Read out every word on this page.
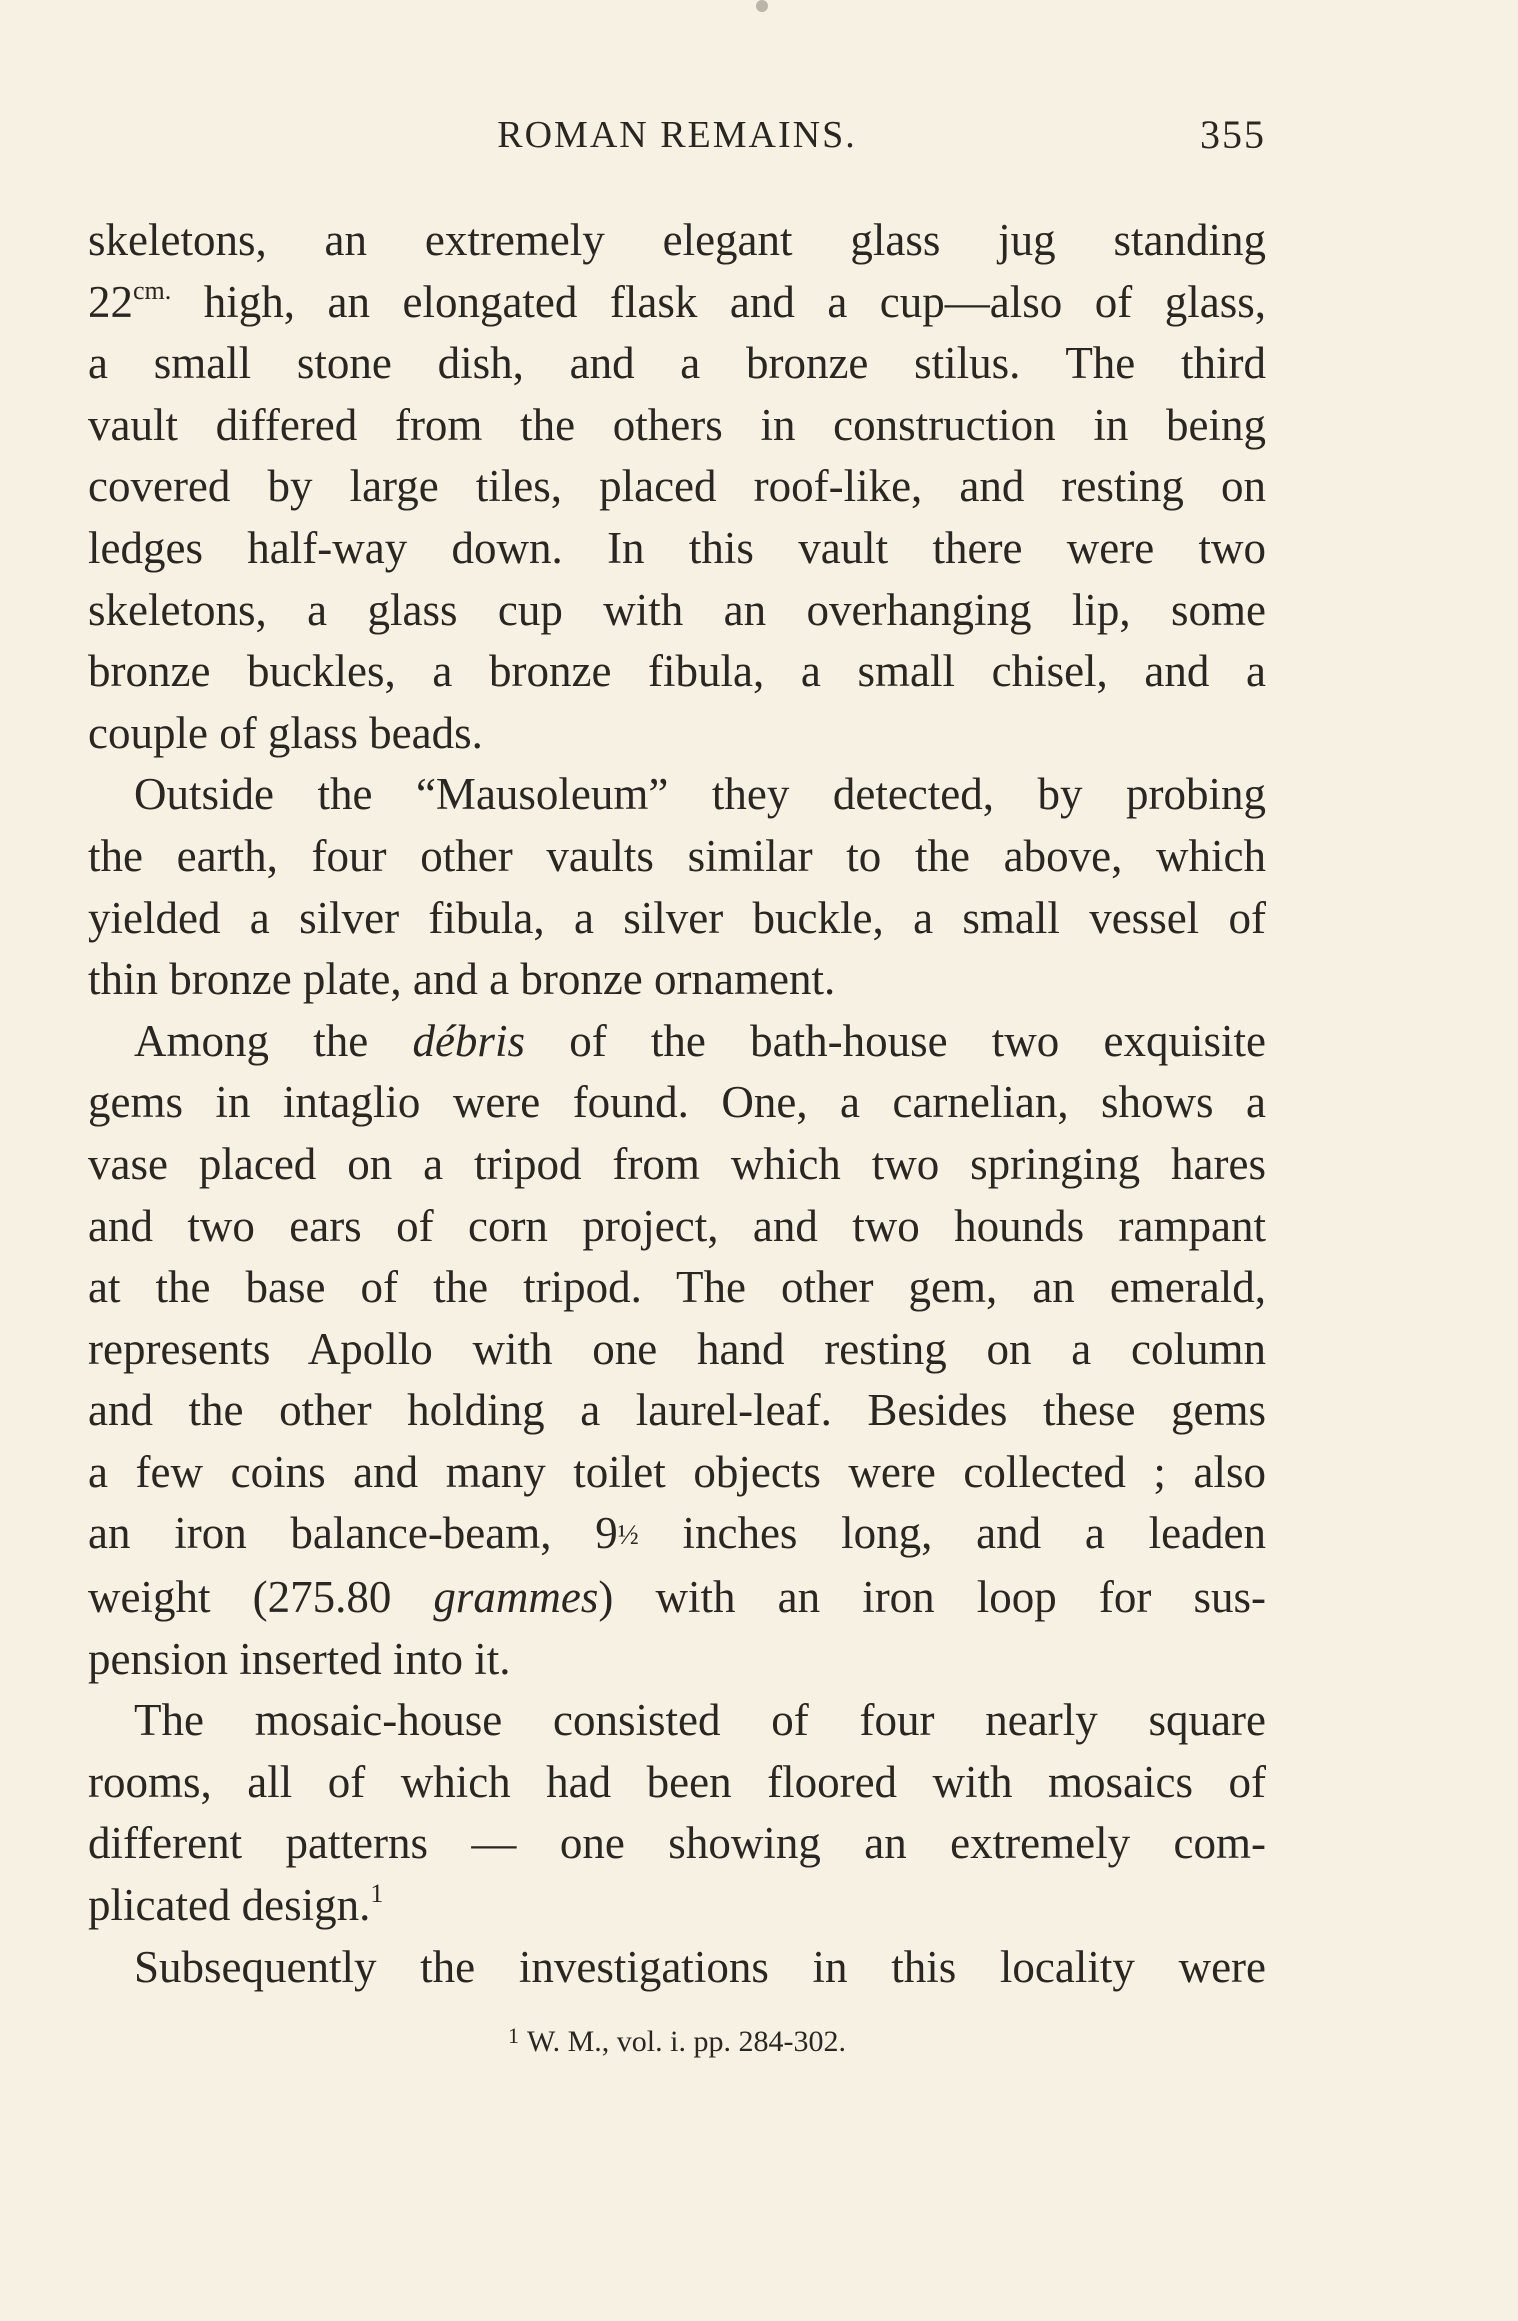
ROMAN REMAINS.	355

skeletons, an extremely elegant glass jug standing

$22^{cm.}$ high, an elongated flask and a cup—also of glass,

a small stone dish, and a bronze stilus. The third

vault differed from the others in construction in being

covered by large tiles, placed roof-like, and resting on

ledges half-way down. In this vault there were two

skeletons, a glass cup with an overhanging lip, some

bronze buckles, a bronze fibula, a small chisel, and a

couple of glass beads.

Outside the “Mausoleum” they detected, by probing

the earth, four other vaults similar to the above, which

yielded a silver fibula, a silver buckle, a small vessel of

thin bronze plate, and a bronze ornament.

Among the débris of the bath-house two exquisite

gems in intaglio were found. One, a carnelian, shows a

vase placed on a tripod from which two springing hares

and two ears of corn project, and two hounds rampant

at the base of the tripod. The other gem, an emerald,

represents Apollo with one hand resting on a column

and the other holding a laurel-leaf. Besides these gems

a few coins and many toilet objects were collected ; also

an iron balance-beam, 9½ inches long, and a leaden

weight (275.80 grammes) with an iron loop for sus-

pension inserted into it.

The mosaic-house consisted of four nearly square

rooms, all of which had been floored with mosaics of

different patterns — one showing an extremely com-

plicated design.$^1$

Subsequently the investigations in this locality were

$^1$ W. M., vol. i. pp. 284-302.
